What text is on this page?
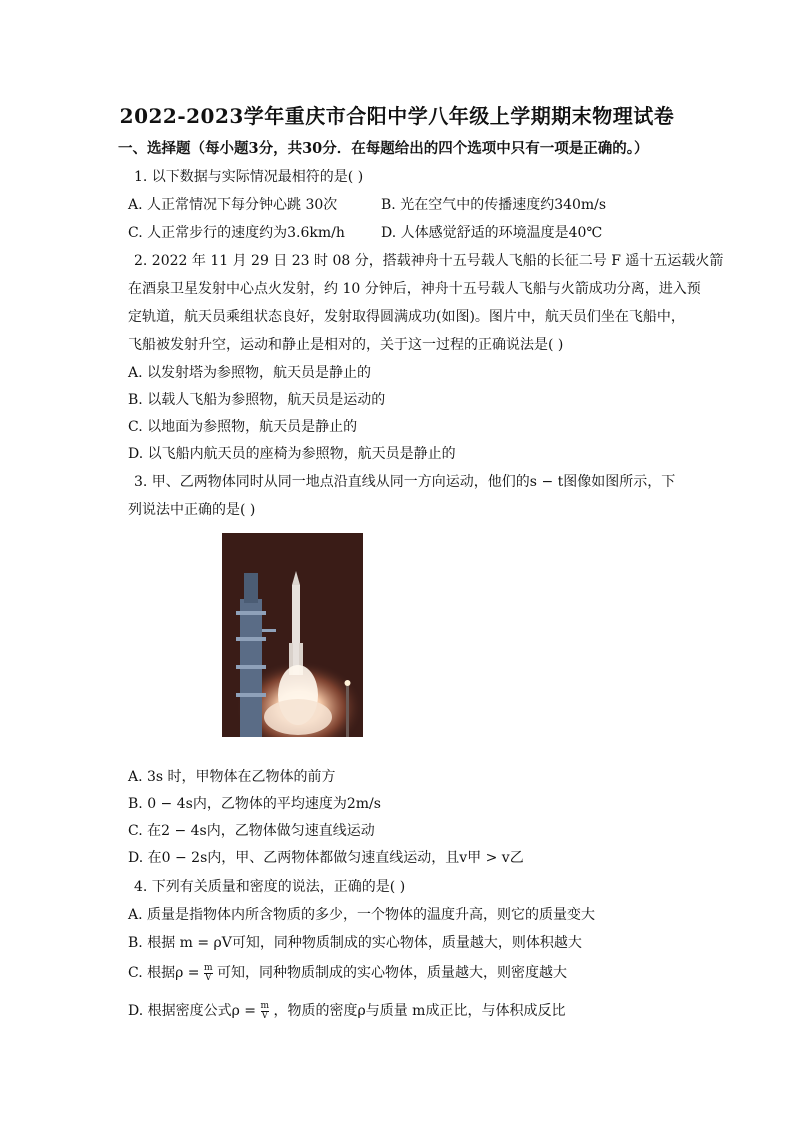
2022-2023学年重庆市合阳中学八年级上学期期末物理试卷
一、选择题（每小题3分，共30分．在每题给出的四个选项中只有一项是正确的。）
1. 以下数据与实际情况最相符的是( )
A. 人正常情况下每分钟心跳 30次	B. 光在空气中的传播速度约340m/s
C. 人正常步行的速度约为3.6km/h	D. 人体感觉舒适的环境温度是40℃
2. 2022 年 11 月 29 日 23 时 08 分，搭载神舟十五号载人飞船的长征二号 F 遥十五运载火箭
在酒泉卫星发射中心点火发射，约 10 分钟后，神舟十五号载人飞船与火箭成功分离，进入预
定轨道，航天员乘组状态良好，发射取得圆满成功(如图)。图片中，航天员们坐在飞船中，
飞船被发射升空，运动和静止是相对的，关于这一过程的正确说法是( )
A. 以发射塔为参照物，航天员是静止的
B. 以载人飞船为参照物，航天员是运动的
C. 以地面为参照物，航天员是静止的
D. 以飞船内航天员的座椅为参照物，航天员是静止的
3. 甲、乙两物体同时从同一地点沿直线从同一方向运动，他们的s − t图像如图所示，下
列说法中正确的是( )
A. 3s 时，甲物体在乙物体的前方
B. 0 − 4s内，乙物体的平均速度为2m/s
C. 在2 − 4s内，乙物体做匀速直线运动
D. 在0 − 2s内，甲、乙两物体都做匀速直线运动，且v甲 > v乙
4. 下列有关质量和密度的说法，正确的是( )
A. 质量是指物体内所含物质的多少，一个物体的温度升高，则它的质量变大
B. 根据 m = ρV可知，同种物质制成的实心物体，质量越大，则体积越大
C. 根据$\rho = \frac{m}{V}$ 可知，同种物质制成的实心物体，质量越大，则密度越大
D. 根据密度公式$\rho = \frac{m}{V}$ ，物质的密度ρ与质量 m成正比，与体积成反比
